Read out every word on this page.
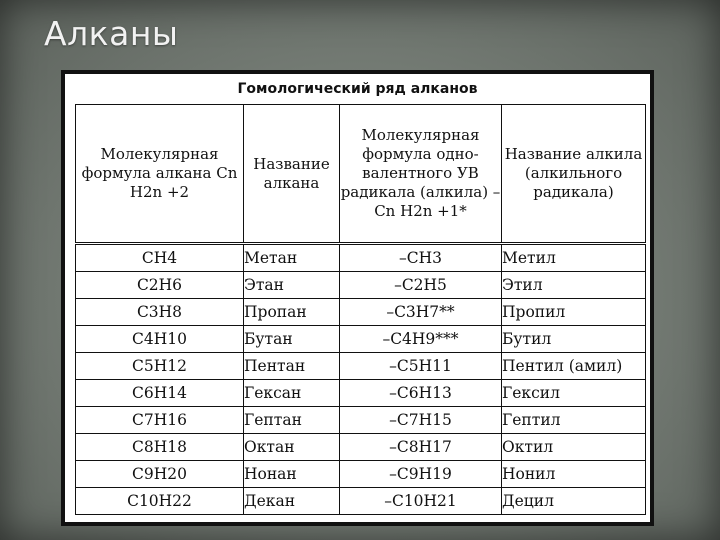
Алканы
Гомологический ряд алканов
Молекулярная формула алкана Cn H2n +2	Название алкана	Молекулярная формула одно-валентного УВ радикала (алкила) –Cn H2n +1*	Название алкила (алкильного радикала)
CH4	Метан	–CH3	Метил
C2H6	Этан	–C2H5	Этил
C3H8	Пропан	–C3H7**	Пропил
C4H10	Бутан	–C4H9***	Бутил
C5H12	Пентан	–C5H11	Пентил (амил)
C6H14	Гексан	–C6H13	Гексил
C7H16	Гептан	–C7H15	Гептил
C8H18	Октан	–C8H17	Октил
C9H20	Нонан	–C9H19	Нонил
C10H22	Декан	–C10H21	Децил
